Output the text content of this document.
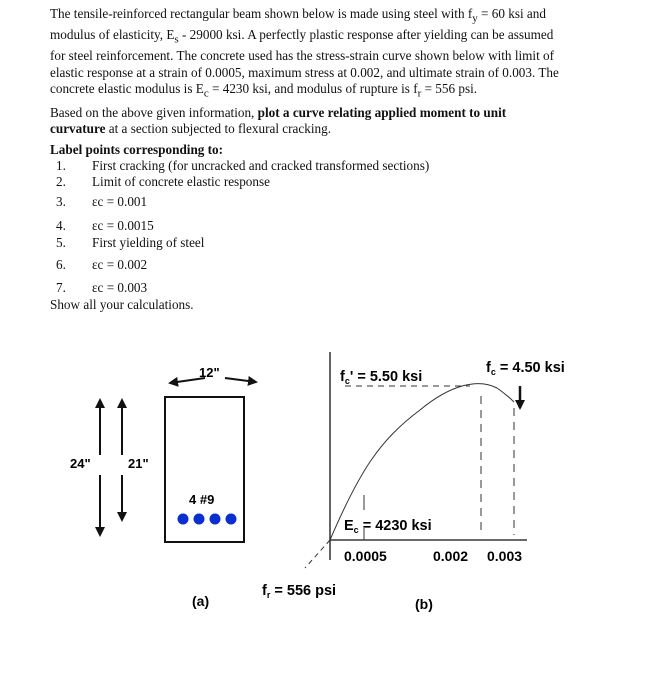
The tensile-reinforced rectangular beam shown below is made using steel with $f_y = 60$ ksi and
modulus of elasticity, $E_s - 29000$ ksi. A perfectly plastic response after yielding can be assumed
for steel reinforcement. The concrete used has the stress-strain curve shown below with limit of
elastic response at a strain of 0.0005, maximum stress at 0.002, and ultimate strain of 0.003. The
concrete elastic modulus is $E_c = 4230$ ksi, and modulus of rupture is $f_r = 556$ psi.
Based on the above given information, plot a curve relating applied moment to unit
curvature at a section subjected to flexural cracking.
Label points corresponding to:
1.	First cracking (for uncracked and cracked transformed sections)
2.	Limit of concrete elastic response
3.	εc = 0.001
4.	εc = 0.0015
5.	First yielding of steel
6.	εc = 0.002
7.	εc = 0.003
Show all your calculations.
12"
24"	21"
4 #9
(a)
$f_c' = 5.50$ ksi
$f_c = 4.50$ ksi
$E_c = 4230$ ksi
0.0005	0.002 0.003
$f_r = 556$ psi
(b)
